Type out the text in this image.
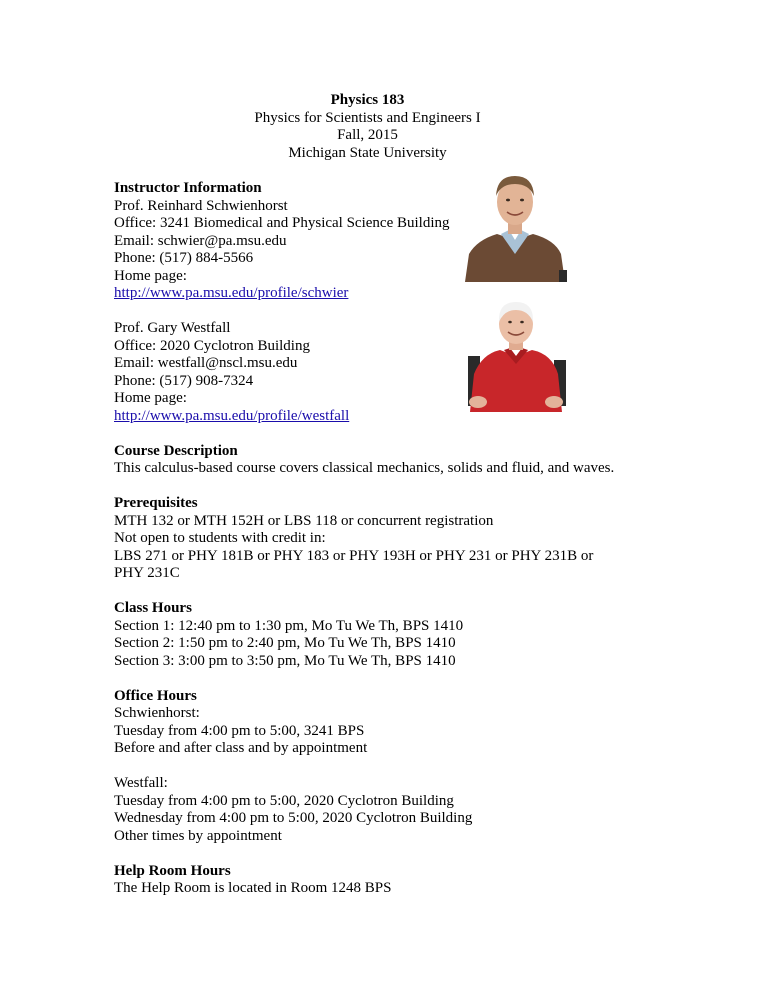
Physics 183
Physics for Scientists and Engineers I
Fall, 2015
Michigan State University
Instructor Information
Prof. Reinhard Schwienhorst
Office: 3241 Biomedical and Physical Science Building
Email: schwier@pa.msu.edu
Phone: (517) 884-5566
Home page:
http://www.pa.msu.edu/profile/schwier
Prof. Gary Westfall
Office: 2020 Cyclotron Building
Email: westfall@nscl.msu.edu
Phone: (517) 908-7324
Home page:
http://www.pa.msu.edu/profile/westfall
Course Description
This calculus-based course covers classical mechanics, solids and fluid, and waves.
Prerequisites
MTH 132 or MTH 152H or LBS 118 or concurrent registration
Not open to students with credit in:
LBS 271 or PHY 181B or PHY 183 or PHY 193H or PHY 231 or PHY 231B or
PHY 231C
Class Hours
Section 1: 12:40 pm to 1:30 pm, Mo Tu We Th, BPS 1410
Section 2: 1:50 pm to 2:40 pm, Mo Tu We Th, BPS 1410
Section 3: 3:00 pm to 3:50 pm, Mo Tu We Th, BPS 1410
Office Hours
Schwienhorst:
Tuesday from 4:00 pm to 5:00, 3241 BPS
Before and after class and by appointment
Westfall:
Tuesday from 4:00 pm to 5:00, 2020 Cyclotron Building
Wednesday from 4:00 pm to 5:00, 2020 Cyclotron Building
Other times by appointment
Help Room Hours
The Help Room is located in Room 1248 BPS
